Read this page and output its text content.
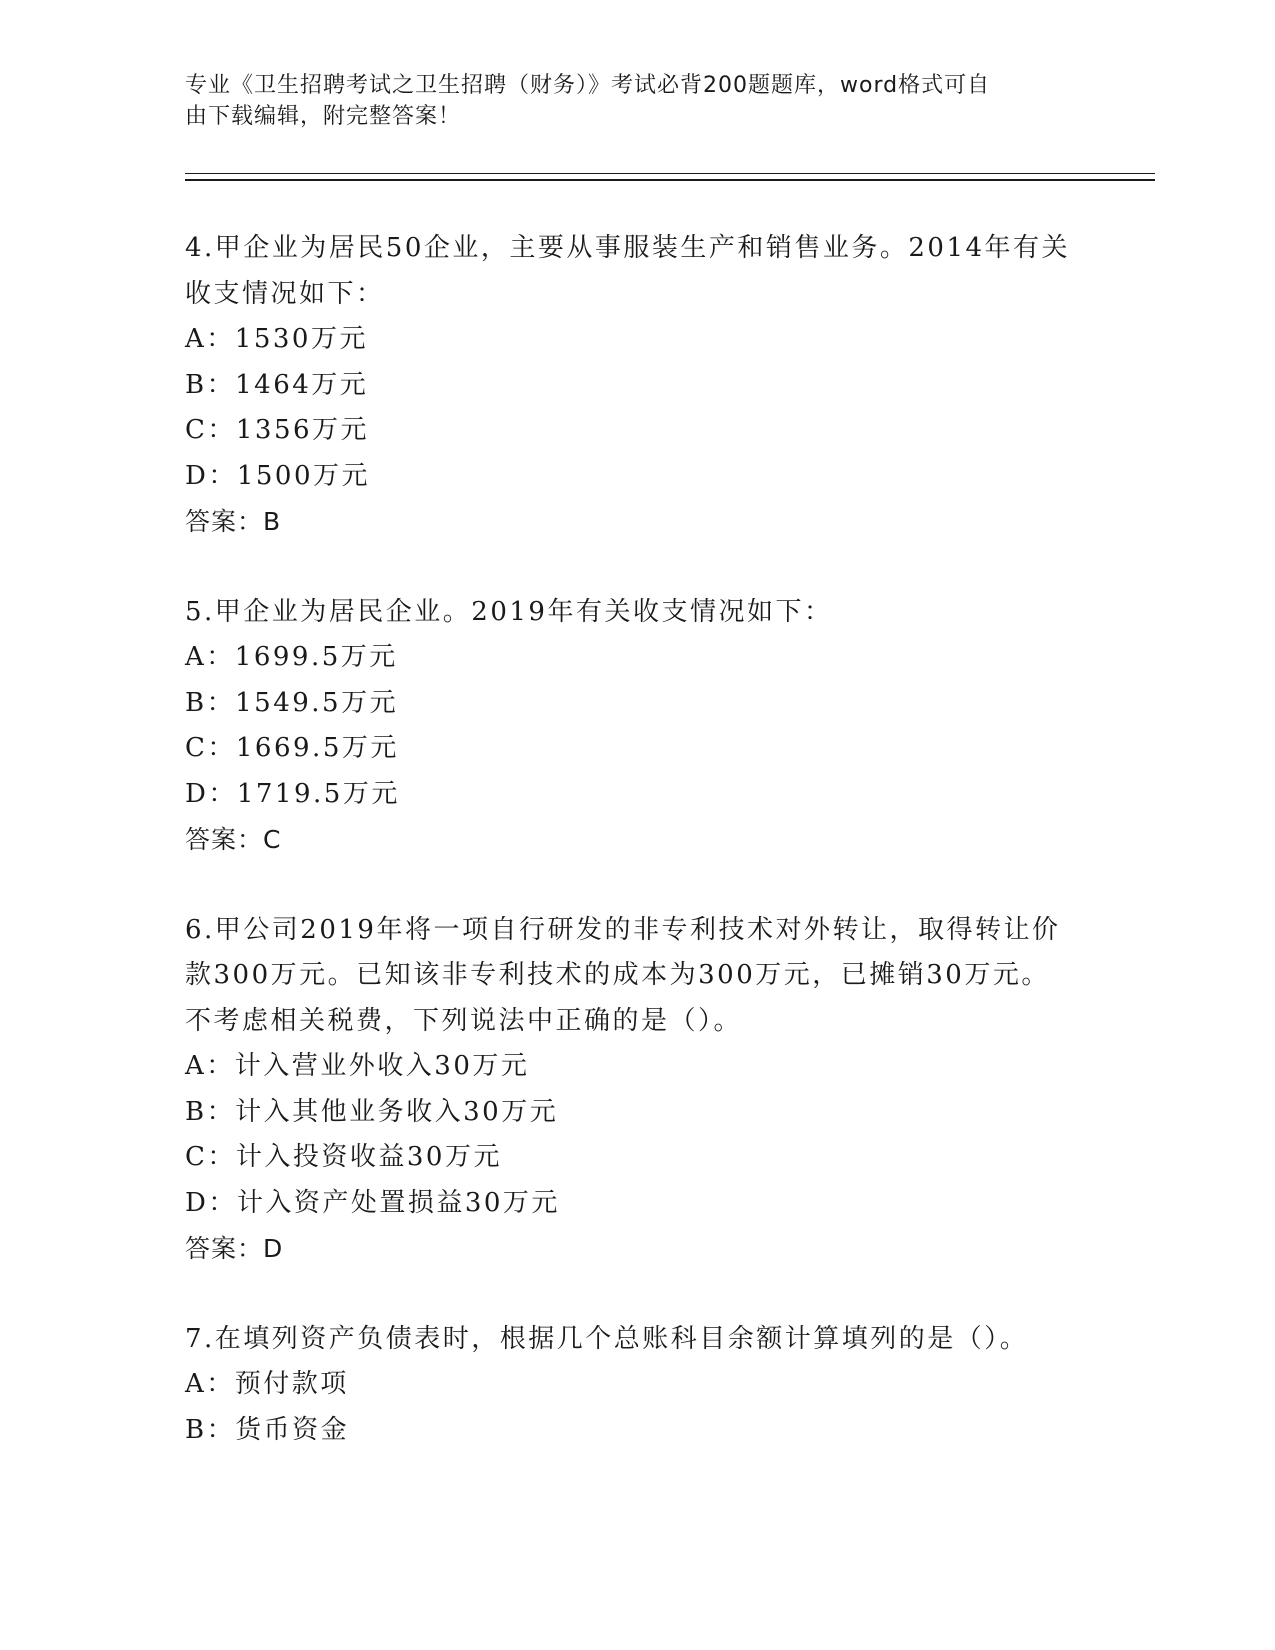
专业《卫生招聘考试之卫生招聘（财务）》考试必背200题题库，word格式可自
由下载编辑，附完整答案！
4.甲企业为居民50企业，主要从事服装生产和销售业务。2014年有关
收支情况如下：
A：1530万元
B：1464万元
C：1356万元
D：1500万元
答案：B
5.甲企业为居民企业。2019年有关收支情况如下：
A：1699.5万元
B：1549.5万元
C：1669.5万元
D：1719.5万元
答案：C
6.甲公司2019年将一项自行研发的非专利技术对外转让，取得转让价
款300万元。已知该非专利技术的成本为300万元，已摊销30万元。
不考虑相关税费，下列说法中正确的是（）。
A：计入营业外收入30万元
B：计入其他业务收入30万元
C：计入投资收益30万元
D：计入资产处置损益30万元
答案：D
7.在填列资产负债表时，根据几个总账科目余额计算填列的是（）。
A：预付款项
B：货币资金
